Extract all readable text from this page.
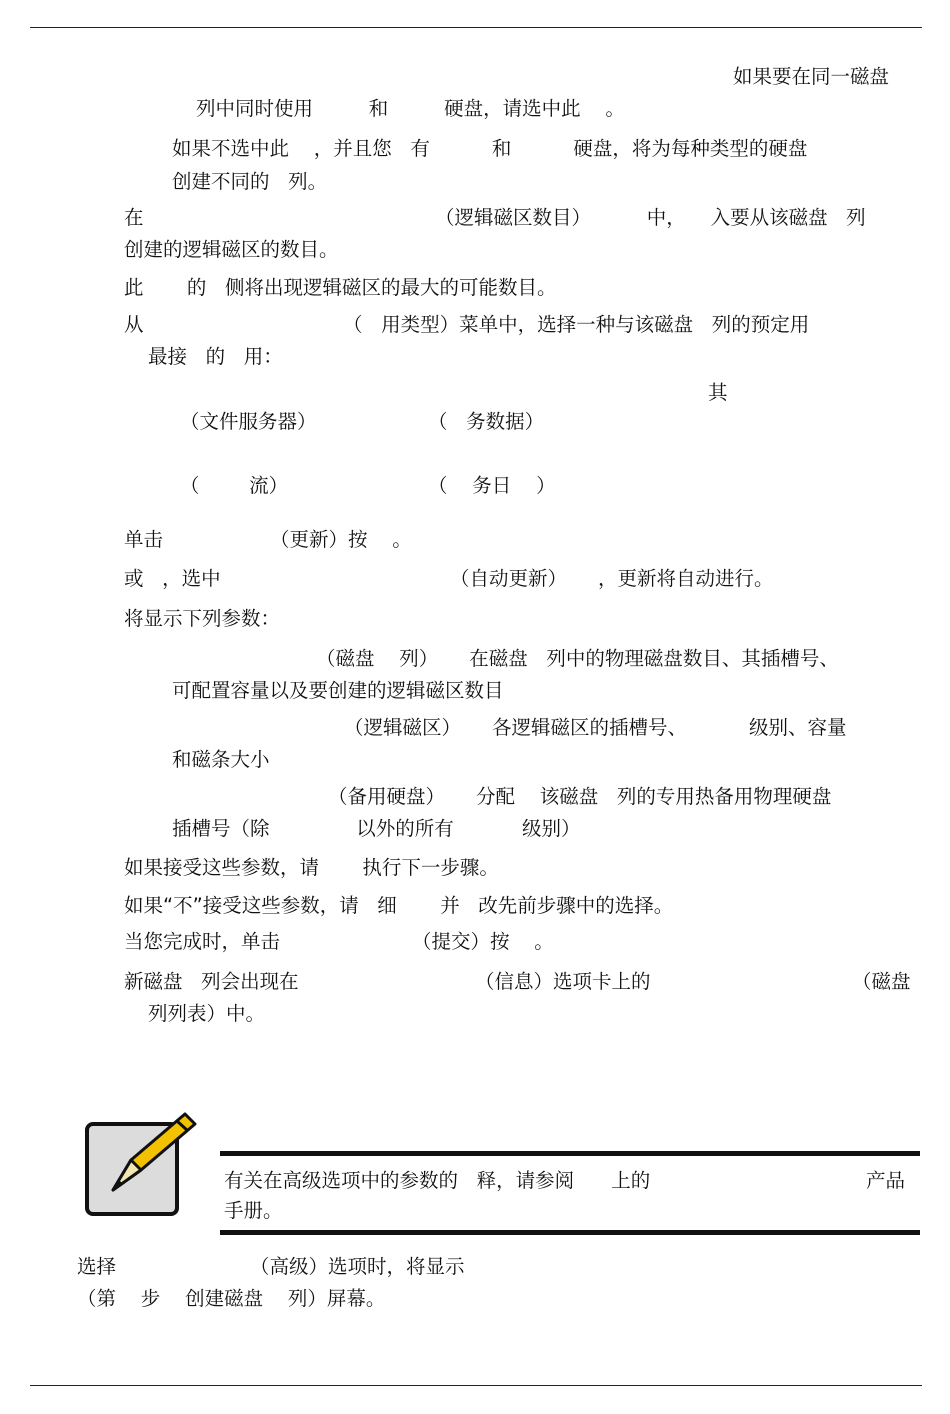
如果要在同一磁盘
列中同时使用         和         硬盘，请选中此    。
如果不选中此    ，并且您   有          和          硬盘，将为每种类型的硬盘
创建不同的   列。
在	（逻辑磁区数目）         中，    入要从该磁盘   列
创建的逻辑磁区的数目。
此       的   侧将出现逻辑磁区的最大的可能数目。
从	（   用类型）菜单中，选择一种与该磁盘   列的预定用
最接   的   用：
其
（文件服务器）	（   务数据）
（        流）	（    务日    ）
单击	（更新）按    。
或   ，选中	（自动更新）     ，更新将自动进行。
将显示下列参数：
（磁盘    列）     在磁盘   列中的物理磁盘数目、其插槽号、
可配置容量以及要创建的逻辑磁区数目
（逻辑磁区）     各逻辑磁区的插槽号、          级别、容量
和磁条大小
（备用硬盘）     分配    该磁盘   列的专用热备用物理硬盘
插槽号（除              以外的所有           级别）
如果接受这些参数，请       执行下一步骤。
如果“不”接受这些参数，请   细       并   改先前步骤中的选择。
当您完成时，单击	（提交）按    。
新磁盘   列会出现在	（信息）选项卡上的	（磁盘
列列表）中。
有关在高级选项中的参数的   释，请参阅      上的	产品
手册。
选择	（高级）选项时，将显示
（第    步    创建磁盘    列）屏幕。
